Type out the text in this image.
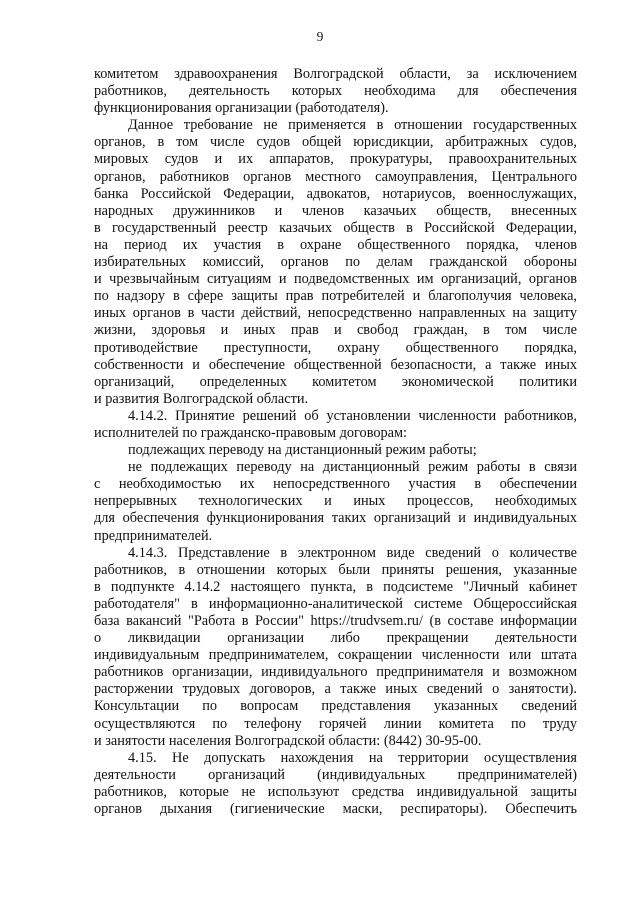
9
комитетом здравоохранения Волгоградской области, за исключением
работников, деятельность которых необходима для обеспечения
функционирования организации (работодателя).
Данное требование не применяется в отношении государственных
органов, в том числе судов общей юрисдикции, арбитражных судов,
мировых судов и их аппаратов, прокуратуры, правоохранительных
органов, работников органов местного самоуправления, Центрального
банка Российской Федерации, адвокатов, нотариусов, военнослужащих,
народных дружинников и членов казачьих обществ, внесенных
в государственный реестр казачьих обществ в Российской Федерации,
на период их участия в охране общественного порядка, членов
избирательных комиссий, органов по делам гражданской обороны
и чрезвычайным ситуациям и подведомственных им организаций, органов
по надзору в сфере защиты прав потребителей и благополучия человека,
иных органов в части действий, непосредственно направленных на защиту
жизни, здоровья и иных прав и свобод граждан, в том числе
противодействие преступности, охрану общественного порядка,
собственности и обеспечение общественной безопасности, а также иных
организаций, определенных комитетом экономической политики
и развития Волгоградской области.
4.14.2. Принятие решений об установлении численности работников,
исполнителей по гражданско-правовым договорам:
подлежащих переводу на дистанционный режим работы;
не подлежащих переводу на дистанционный режим работы в связи
с необходимостью их непосредственного участия в обеспечении
непрерывных технологических и иных процессов, необходимых
для обеспечения функционирования таких организаций и индивидуальных
предпринимателей.
4.14.3. Представление в электронном виде сведений о количестве
работников, в отношении которых были приняты решения, указанные
в подпункте 4.14.2 настоящего пункта, в подсистеме "Личный кабинет
работодателя" в информационно-аналитической системе Общероссийская
база вакансий "Работа в России" https://trudvsem.ru/ (в составе информации
о ликвидации организации либо прекращении деятельности
индивидуальным предпринимателем, сокращении численности или штата
работников организации, индивидуального предпринимателя и возможном
расторжении трудовых договоров, а также иных сведений о занятости).
Консультации по вопросам представления указанных сведений
осуществляются по телефону горячей линии комитета по труду
и занятости населения Волгоградской области: (8442) 30-95-00.
4.15. Не допускать нахождения на территории осуществления
деятельности организаций (индивидуальных предпринимателей)
работников, которые не используют средства индивидуальной защиты
органов дыхания (гигиенические маски, респираторы). Обеспечить
